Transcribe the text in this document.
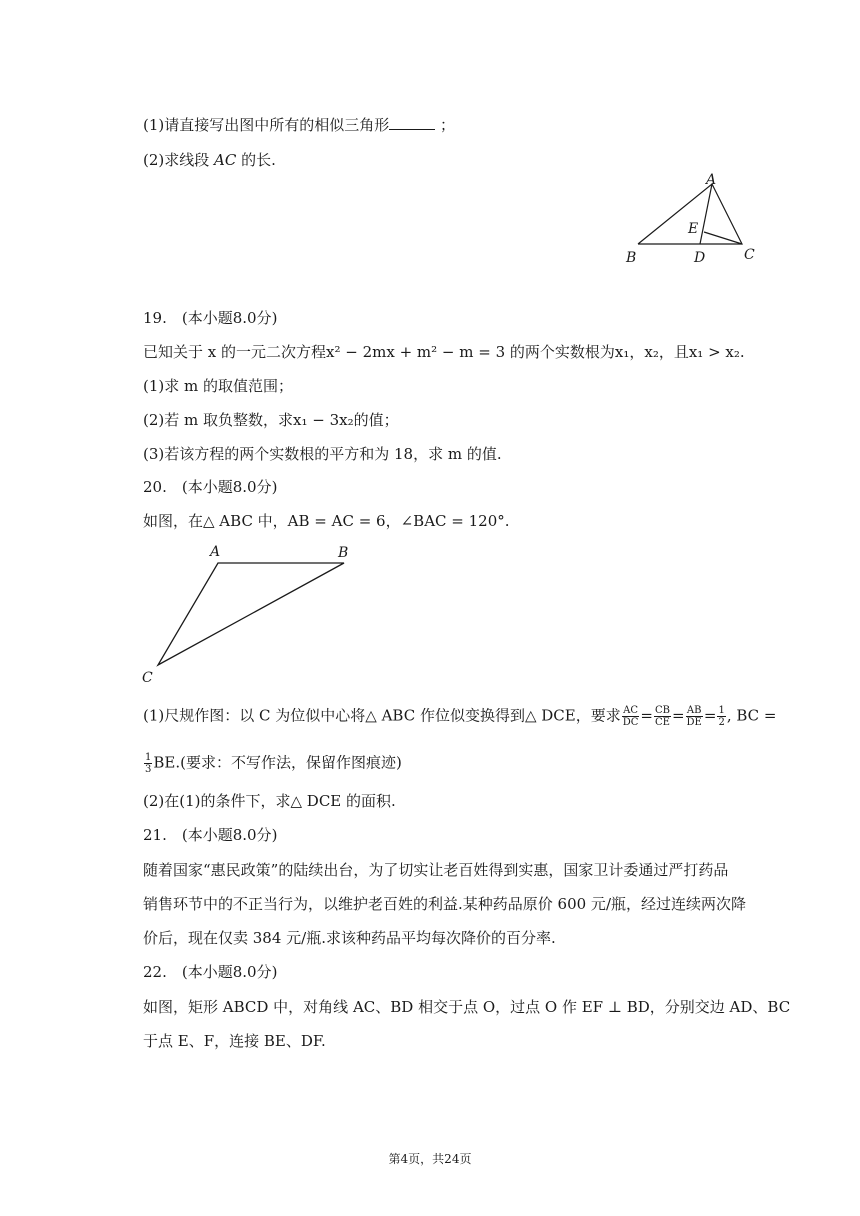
(1)请直接写出图中所有的相似三角形	；
(2)求线段 AC 的长.
A
B	C
D
E
19.　(本小题8.0分)
已知关于 x 的一元二次方程x² − 2mx + m² − m = 3 的两个实数根为x₁，x₂，且x₁ > x₂.
(1)求 m 的取值范围；
(2)若 m 取负整数，求x₁ − 3x₂的值；
(3)若该方程的两个实数根的平方和为 18，求 m 的值.
20.　(本小题8.0分)
如图，在△ ABC 中，AB = AC = 6，∠BAC = 120°.
A	B
C
(1)尺规作图：以 C 为位似中心将△ ABC 作位似变换得到△ DCE，要求 $\frac{AC}{DC} = \frac{CB}{CE} = \frac{AB}{DE} = \frac{1}{2}$ , BC =
$\frac{1}{3} BE$.(要求：不写作法，保留作图痕迹)
(2)在(1)的条件下，求△ DCE 的面积.
21.　(本小题8.0分)
随着国家“惠民政策”的陆续出台，为了切实让老百姓得到实惠，国家卫计委通过严打药品
销售环节中的不正当行为，以维护老百姓的利益.某种药品原价 600 元/瓶，经过连续两次降
价后，现在仅卖 384 元/瓶.求该种药品平均每次降价的百分率.
22.　(本小题8.0分)
如图，矩形 ABCD 中，对角线 AC、BD 相交于点 O，过点 O 作 EF ⊥ BD，分别交边 AD、BC
于点 E、F，连接 BE、DF.
第4页，共24页
